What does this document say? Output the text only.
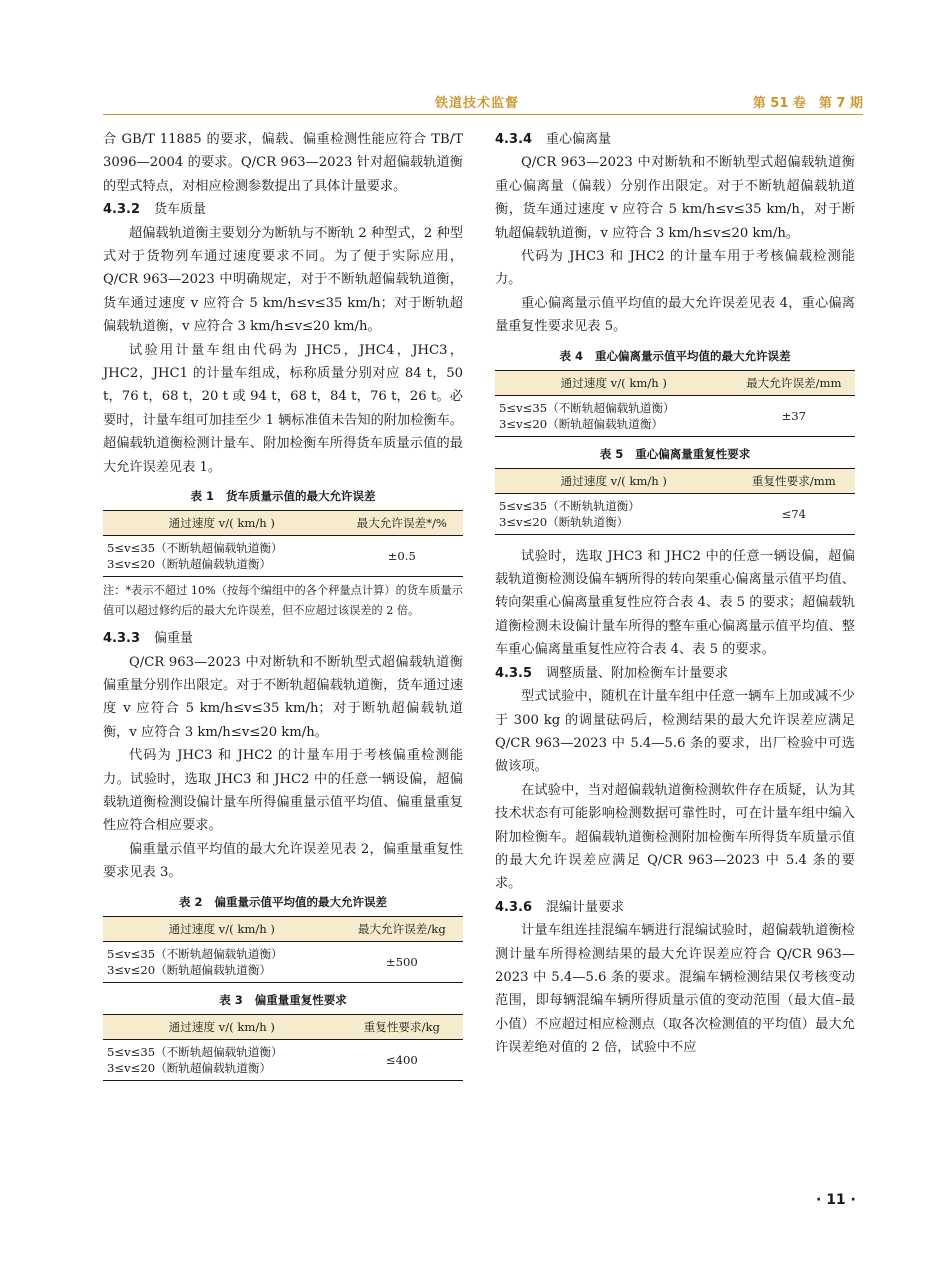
铁道技术监督	第 51 卷　第 7 期

合 GB/T 11885 的要求，偏载、偏重检测性能应符合 TB/T 3096—2004 的要求。Q/CR 963—2023 针对超偏载轨道衡的型式特点，对相应检测参数提出了具体计量要求。

4.3.2 货车质量

超偏载轨道衡主要划分为断轨与不断轨 2 种型式，2 种型式对于货物列车通过速度要求不同。为了便于实际应用，Q/CR 963—2023 中明确规定，对于不断轨超偏载轨道衡，货车通过速度 v 应符合 5 km/h≤v≤35 km/h；对于断轨超偏载轨道衡，v 应符合 3 km/h≤v≤20 km/h。

试验用计量车组由代码为 JHC5，JHC4，JHC3，JHC2，JHC1 的计量车组成，标称质量分别对应 84 t，50 t，76 t，68 t，20 t 或 94 t，68 t，84 t，76 t，26 t。必要时，计量车组可加挂至少 1 辆标准值未告知的附加检衡车。超偏载轨道衡检测计量车、附加检衡车所得货车质量示值的最大允许误差见表 1。

表 1 货车质量示值的最大允许误差
通过速度 v/( km/h )	最大允许误差*/%

5≤v≤35（不断轨超偏载轨道衡）
3≤v≤20（断轨超偏载轨道衡）	±0.5

注：*表示不超过 10%（按每个编组中的各个秤量点计算）的货车质量示值可以超过修约后的最大允许误差，但不应超过该误差的 2 倍。

4.3.3 偏重量

Q/CR 963—2023 中对断轨和不断轨型式超偏载轨道衡偏重量分别作出限定。对于不断轨超偏载轨道衡，货车通过速度 v 应符合 5 km/h≤v≤35 km/h；对于断轨超偏载轨道衡，v 应符合 3 km/h≤v≤20 km/h。

代码为 JHC3 和 JHC2 的计量车用于考核偏重检测能力。试验时，选取 JHC3 和 JHC2 中的任意一辆设偏，超偏载轨道衡检测设偏计量车所得偏重量示值平均值、偏重量重复性应符合相应要求。

偏重量示值平均值的最大允许误差见表 2，偏重量重复性要求见表 3。

表 2 偏重量示值平均值的最大允许误差
通过速度 v/( km/h )	最大允许误差/kg

5≤v≤35（不断轨超偏载轨道衡）
3≤v≤20（断轨超偏载轨道衡）	±500
表 3 偏重量重复性要求
通过速度 v/( km/h )	重复性要求/kg

5≤v≤35（不断轨超偏载轨道衡）
3≤v≤20（断轨超偏载轨道衡）	≤400
4.3.4 重心偏离量

Q/CR 963—2023 中对断轨和不断轨型式超偏载轨道衡重心偏离量（偏载）分别作出限定。对于不断轨超偏载轨道衡，货车通过速度 v 应符合 5 km/h≤v≤35 km/h，对于断轨超偏载轨道衡，v 应符合 3 km/h≤v≤20 km/h。

代码为 JHC3 和 JHC2 的计量车用于考核偏载检测能力。

重心偏离量示值平均值的最大允许误差见表 4，重心偏离量重复性要求见表 5。

表 4 重心偏离量示值平均值的最大允许误差
通过速度 v/( km/h )	最大允许误差/mm

5≤v≤35（不断轨超偏载轨道衡）
3≤v≤20（断轨超偏载轨道衡）	±37
表 5 重心偏离量重复性要求
通过速度 v/( km/h )	重复性要求/mm

5≤v≤35（不断轨轨道衡）
3≤v≤20（断轨轨道衡）	≤74

试验时，选取 JHC3 和 JHC2 中的任意一辆设偏，超偏载轨道衡检测设偏车辆所得的转向架重心偏离量示值平均值、转向架重心偏离量重复性应符合表 4、表 5 的要求；超偏载轨道衡检测未设偏计量车所得的整车重心偏离量示值平均值、整车重心偏离量重复性应符合表 4、表 5 的要求。

4.3.5 调整质量、附加检衡车计量要求

型式试验中，随机在计量车组中任意一辆车上加或减不少于 300 kg 的调量砝码后，检测结果的最大允许误差应满足 Q/CR 963—2023 中 5.4—5.6 条的要求，出厂检验中可选做该项。

在试验中，当对超偏载轨道衡检测软件存在质疑，认为其技术状态有可能影响检测数据可靠性时，可在计量车组中编入附加检衡车。超偏载轨道衡检测附加检衡车所得货车质量示值的最大允许误差应满足 Q/CR 963—2023 中 5.4 条的要求。

4.3.6 混编计量要求

计量车组连挂混编车辆进行混编试验时，超偏载轨道衡检测计量车所得检测结果的最大允许误差应符合 Q/CR 963—2023 中 5.4—5.6 条的要求。混编车辆检测结果仅考核变动范围，即每辆混编车辆所得质量示值的变动范围（最大值–最小值）不应超过相应检测点（取各次检测值的平均值）最大允许误差绝对值的 2 倍，试验中不应

· 11 ·
